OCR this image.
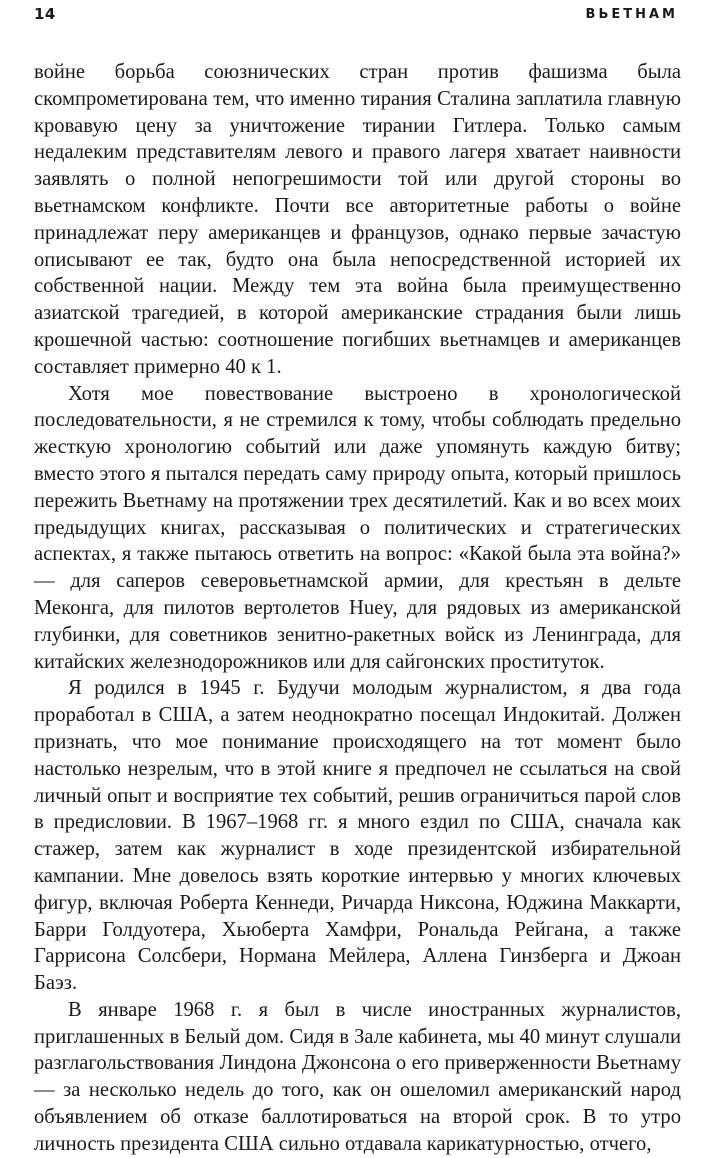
14	ВЬЕТНАМ

войне борьба союзнических стран против фашизма была скомпрометирована тем, что именно тирания Сталина заплатила главную кровавую цену за уничтожение тирании Гитлера. Только самым недалеким представителям левого и правого лагеря хватает наивности заявлять о полной непогрешимости той или другой стороны во вьетнамском конфликте. Почти все авторитетные работы о войне принадлежат перу американцев и французов, однако первые зачастую описывают ее так, будто она была непосредственной историей их собственной нации. Между тем эта война была преимущественно азиатской трагедией, в которой американские страдания были лишь крошечной частью: соотношение погибших вьетнамцев и американцев составляет примерно 40 к 1.

Хотя мое повествование выстроено в хронологической последовательности, я не стремился к тому, чтобы соблюдать предельно жесткую хронологию событий или даже упомянуть каждую битву; вместо этого я пытался передать саму природу опыта, который пришлось пережить Вьетнаму на протяжении трех десятилетий. Как и во всех моих предыдущих книгах, рассказывая о политических и стратегических аспектах, я также пытаюсь ответить на вопрос: «Какой была эта война?» — для саперов северовьетнамской армии, для крестьян в дельте Меконга, для пилотов вертолетов Huey, для рядовых из американской глубинки, для советников зенитно-ракетных войск из Ленинграда, для китайских железнодорожников или для сайгонских проституток.

Я родился в 1945 г. Будучи молодым журналистом, я два года проработал в США, а затем неоднократно посещал Индокитай. Должен признать, что мое понимание происходящего на тот момент было настолько незрелым, что в этой книге я предпочел не ссылаться на свой личный опыт и восприятие тех событий, решив ограничиться парой слов в предисловии. В 1967–1968 гг. я много ездил по США, сначала как стажер, затем как журналист в ходе президентской избирательной кампании. Мне довелось взять короткие интервью у многих ключевых фигур, включая Роберта Кеннеди, Ричарда Никсона, Юджина Маккарти, Барри Голдуотера, Хьюберта Хамфри, Рональда Рейгана, а также Гаррисона Солсбери, Нормана Мейлера, Аллена Гинзберга и Джоан Баэз.

В январе 1968 г. я был в числе иностранных журналистов, приглашенных в Белый дом. Сидя в Зале кабинета, мы 40 минут слушали разглагольствования Линдона Джонсона о его приверженности Вьетнаму — за несколько недель до того, как он ошеломил американский народ объявлением об отказе баллотироваться на второй срок. В то утро личность президента США сильно отдавала карикатурностью, отчего,
